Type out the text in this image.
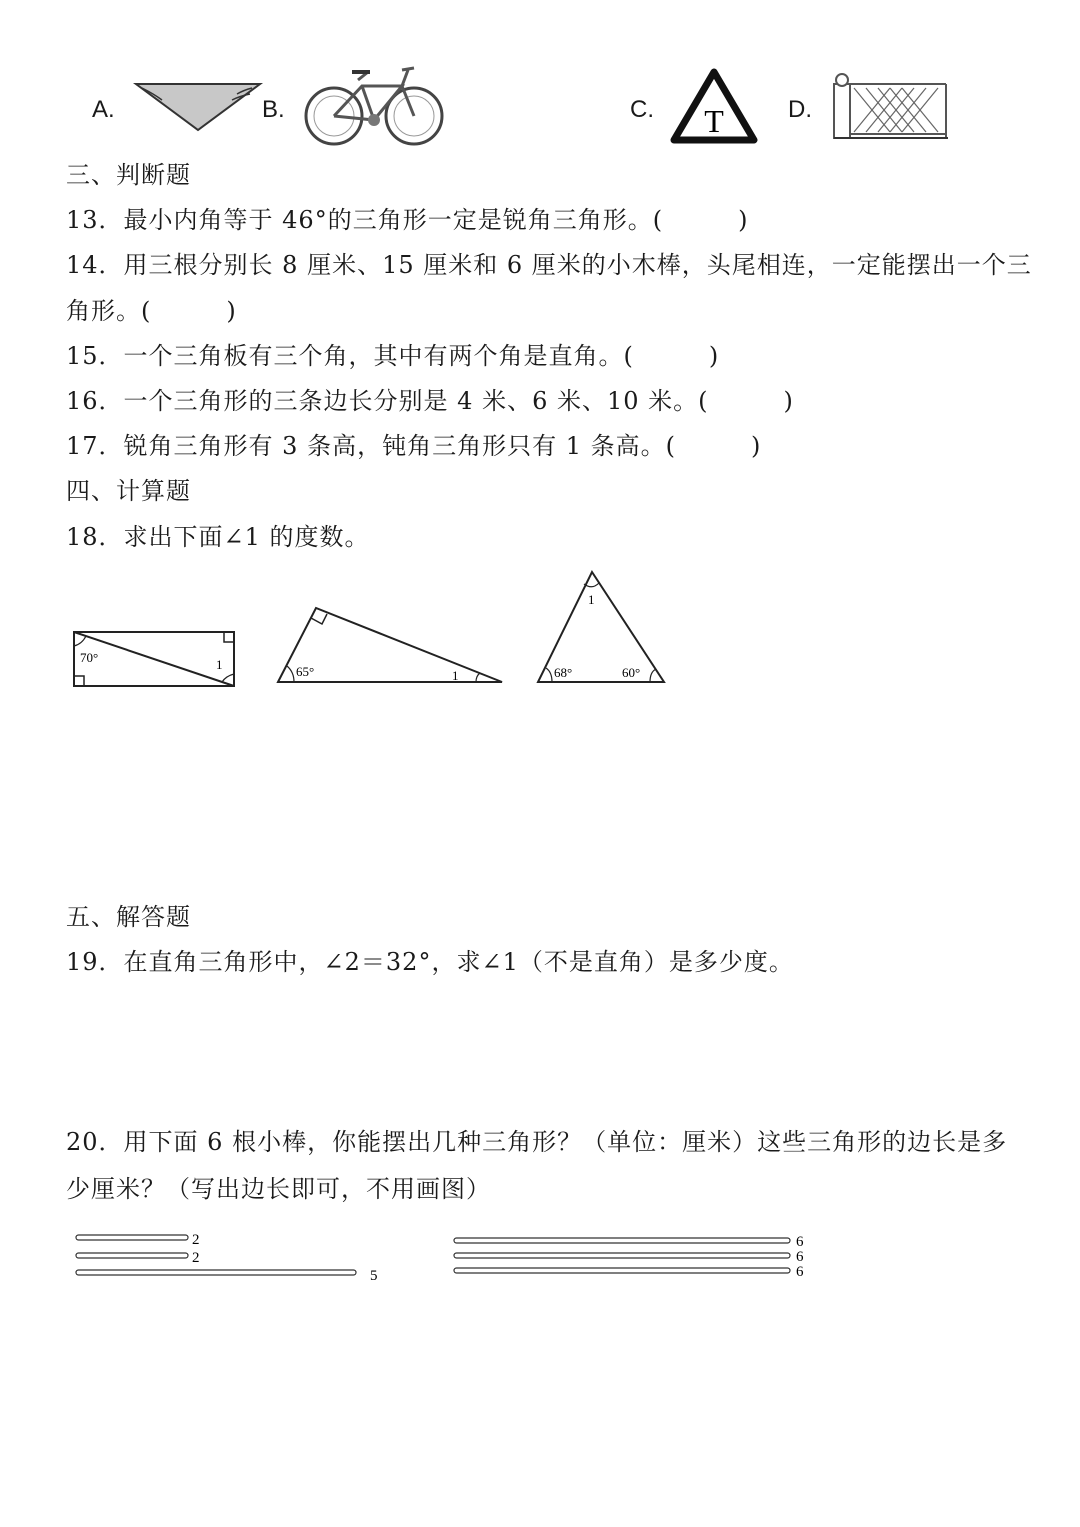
A.	B.	C. T	D.
三、判断题
13．最小内角等于 46°的三角形一定是锐角三角形。(　　　)
14．用三根分别长 8 厘米、15 厘米和 6 厘米的小木棒，头尾相连，一定能摆出一个三
角形。(　　　)
15．一个三角板有三个角，其中有两个角是直角。(　　　)
16．一个三角形的三条边长分别是 4 米、6 米、10 米。(　　　)
17．锐角三角形有 3 条高，钝角三角形只有 1 条高。(　　　)
四、计算题
18．求出下面∠1 的度数。
70°	1	65°	1
1
68°	60°
五、解答题
19．在直角三角形中，∠2＝32°，求∠1（不是直角）是多少度。
20．用下面 6 根小棒，你能摆出几种三角形？（单位：厘米）这些三角形的边长是多
少厘米？（写出边长即可，不用画图）
2
2
5
6
6
6
